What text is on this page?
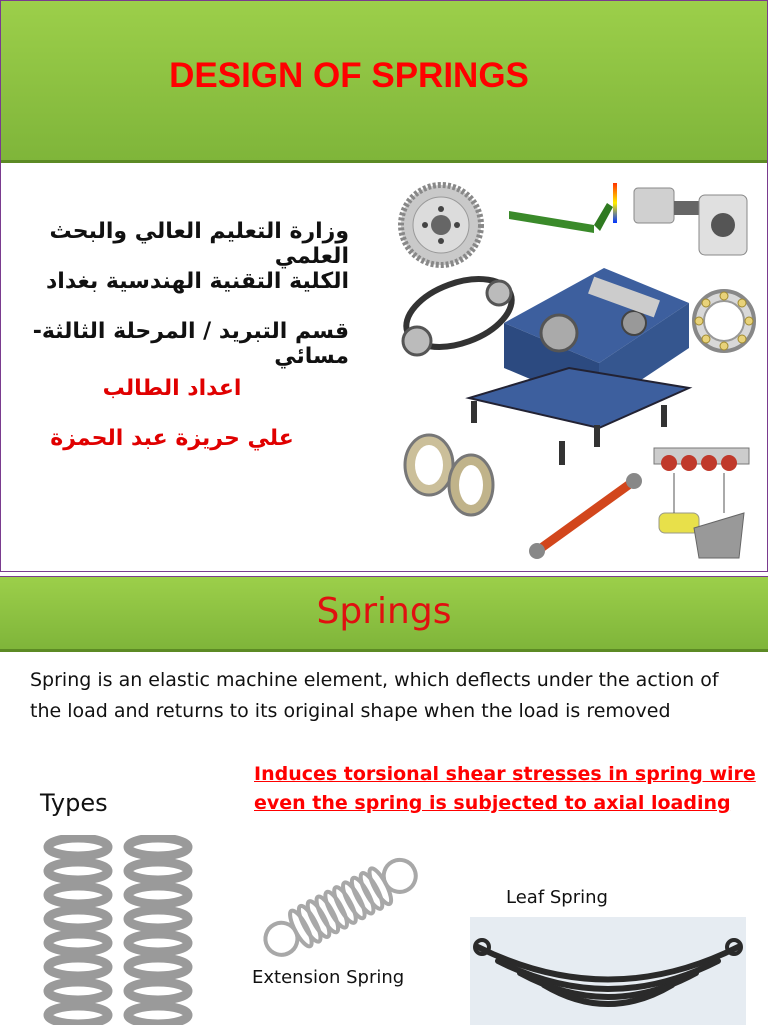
DESIGN OF SPRINGS
وزارة التعليم العالي والبحث العلمي
الكلية التقنية الهندسية بغداد
قسم التبريد / المرحلة الثالثة- مسائي
اعداد الطالب
علي حريزة عبد الحمزة
Springs
Spring is an elastic machine element, which deflects under the action of the load and returns to its original shape when the load is removed
Induces torsional shear stresses in spring wire
even the spring is subjected to axial loading
Types
Extension Spring
Leaf Spring
